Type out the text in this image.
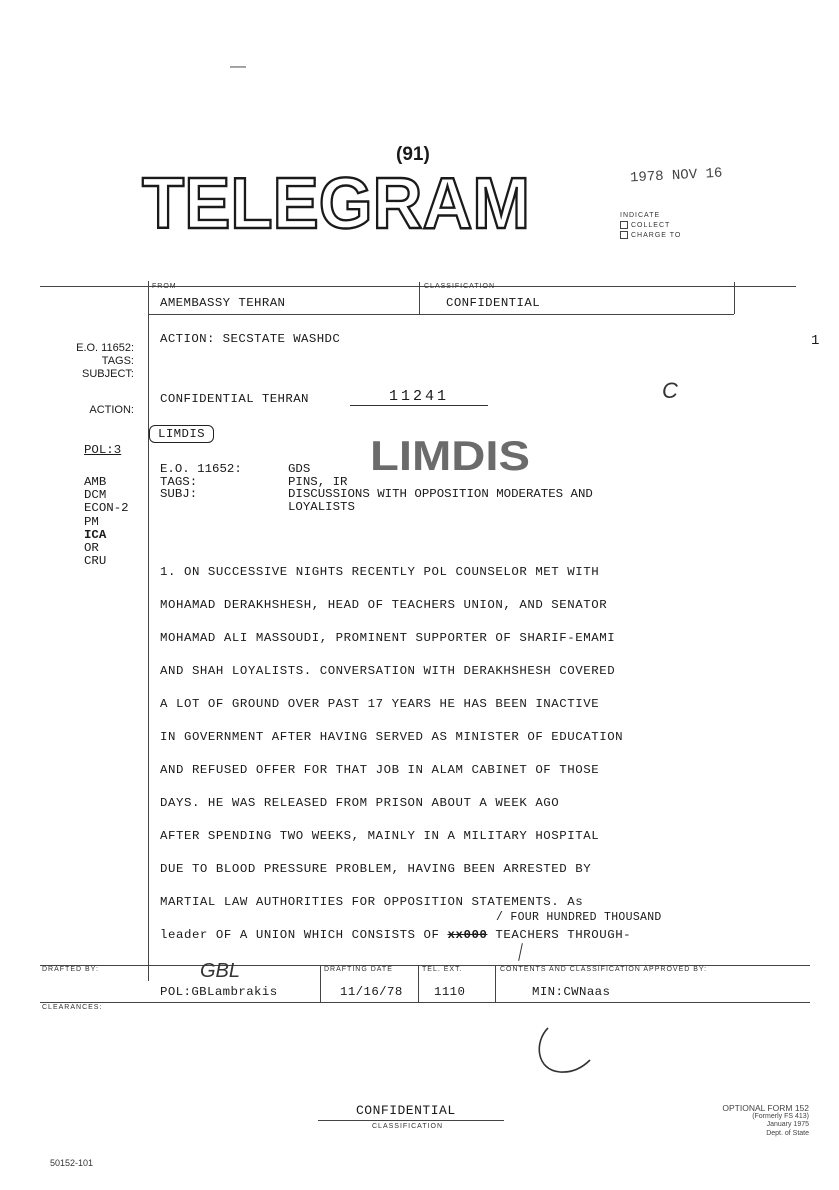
—
(91)
TELEGRAM	1978 NOV 16
INDICATE
COLLECT
CHARGE TO
FROM
AMEMBASSY TEHRAN
CLASSIFICATION
CONFIDENTIAL
ACTION: SECSTATE WASHDC	1
CONFIDENTIAL TEHRAN	11241	C
E.O. 11652:
TAGS:
SUBJECT:
ACTION:
POL:3
AMB
DCM
ECON-2
PM
ICA
OR
CRU
LIMDIS	LIMDIS
E.O. 11652:	GDS
TAGS:	PINS, IR
SUBJ:	DISCUSSIONS WITH OPPOSITION MODERATES AND
LOYALISTS
1. ON SUCCESSIVE NIGHTS RECENTLY POL COUNSELOR MET WITH
MOHAMAD DERAKHSHESH, HEAD OF TEACHERS UNION, AND SENATOR
MOHAMAD ALI MASSOUDI, PROMINENT SUPPORTER OF SHARIF-EMAMI
AND SHAH LOYALISTS. CONVERSATION WITH DERAKHSHESH COVERED
A LOT OF GROUND OVER PAST 17 YEARS HE HAS BEEN INACTIVE
IN GOVERNMENT AFTER HAVING SERVED AS MINISTER OF EDUCATION
AND REFUSED OFFER FOR THAT JOB IN ALAM CABINET OF THOSE
DAYS. HE WAS RELEASED FROM PRISON ABOUT A WEEK AGO
AFTER SPENDING TWO WEEKS, MAINLY IN A MILITARY HOSPITAL
DUE TO BLOOD PRESSURE PROBLEM, HAVING BEEN ARRESTED BY
MARTIAL LAW AUTHORITIES FOR OPPOSITION STATEMENTS. As
/ FOUR HUNDRED THOUSAND
leader OF A UNION WHICH CONSISTS OF xx000 TEACHERS THROUGH-
DRAFTED BY:	GBL
POL:GBLambrakis
DRAFTING DATE
11/16/78
TEL. EXT.
1110
CONTENTS AND CLASSIFICATION APPROVED BY:
MIN:CWNaas
CLEARANCES:
CONFIDENTIAL
CLASSIFICATION
50152-101
OPTIONAL FORM 152
(Formerly FS 413)
January 1975
Dept. of State
